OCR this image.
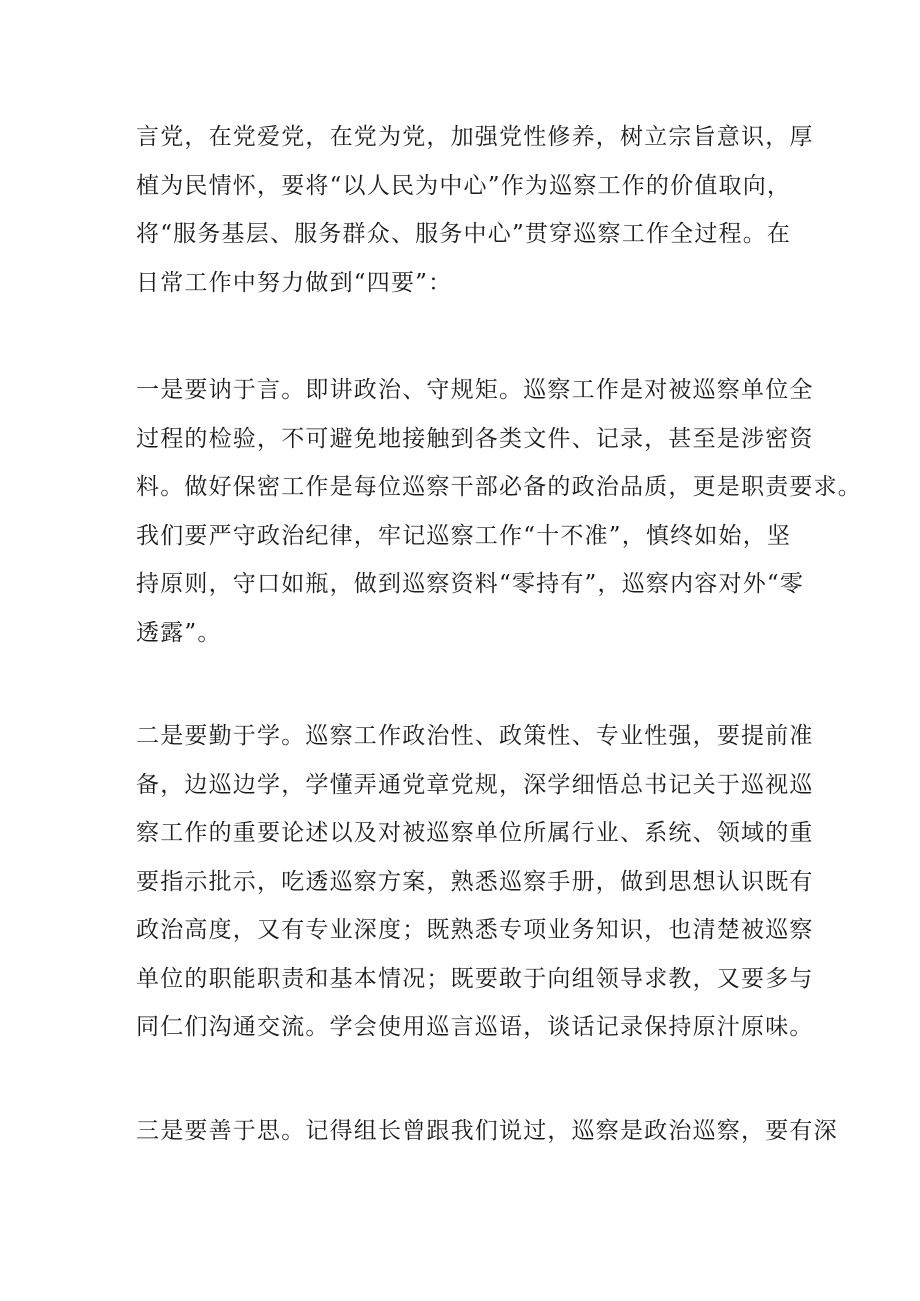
言党，在党爱党，在党为党，加强党性修养，树立宗旨意识，厚
植为民情怀，要将“以人民为中心”作为巡察工作的价值取向，
将“服务基层、服务群众、服务中心”贯穿巡察工作全过程。在
日常工作中努力做到“四要”：

一是要讷于言。即讲政治、守规矩。巡察工作是对被巡察单位全
过程的检验，不可避免地接触到各类文件、记录，甚至是涉密资
料。做好保密工作是每位巡察干部必备的政治品质，更是职责要求。
我们要严守政治纪律，牢记巡察工作“十不准”，慎终如始，坚
持原则，守口如瓶，做到巡察资料“零持有”，巡察内容对外“零
透露”。

二是要勤于学。巡察工作政治性、政策性、专业性强，要提前准
备，边巡边学，学懂弄通党章党规，深学细悟总书记关于巡视巡
察工作的重要论述以及对被巡察单位所属行业、系统、领域的重
要指示批示，吃透巡察方案，熟悉巡察手册，做到思想认识既有
政治高度，又有专业深度；既熟悉专项业务知识，也清楚被巡察
单位的职能职责和基本情况；既要敢于向组领导求教，又要多与
同仁们沟通交流。学会使用巡言巡语，谈话记录保持原汁原味。

三是要善于思。记得组长曾跟我们说过，巡察是政治巡察，要有深
